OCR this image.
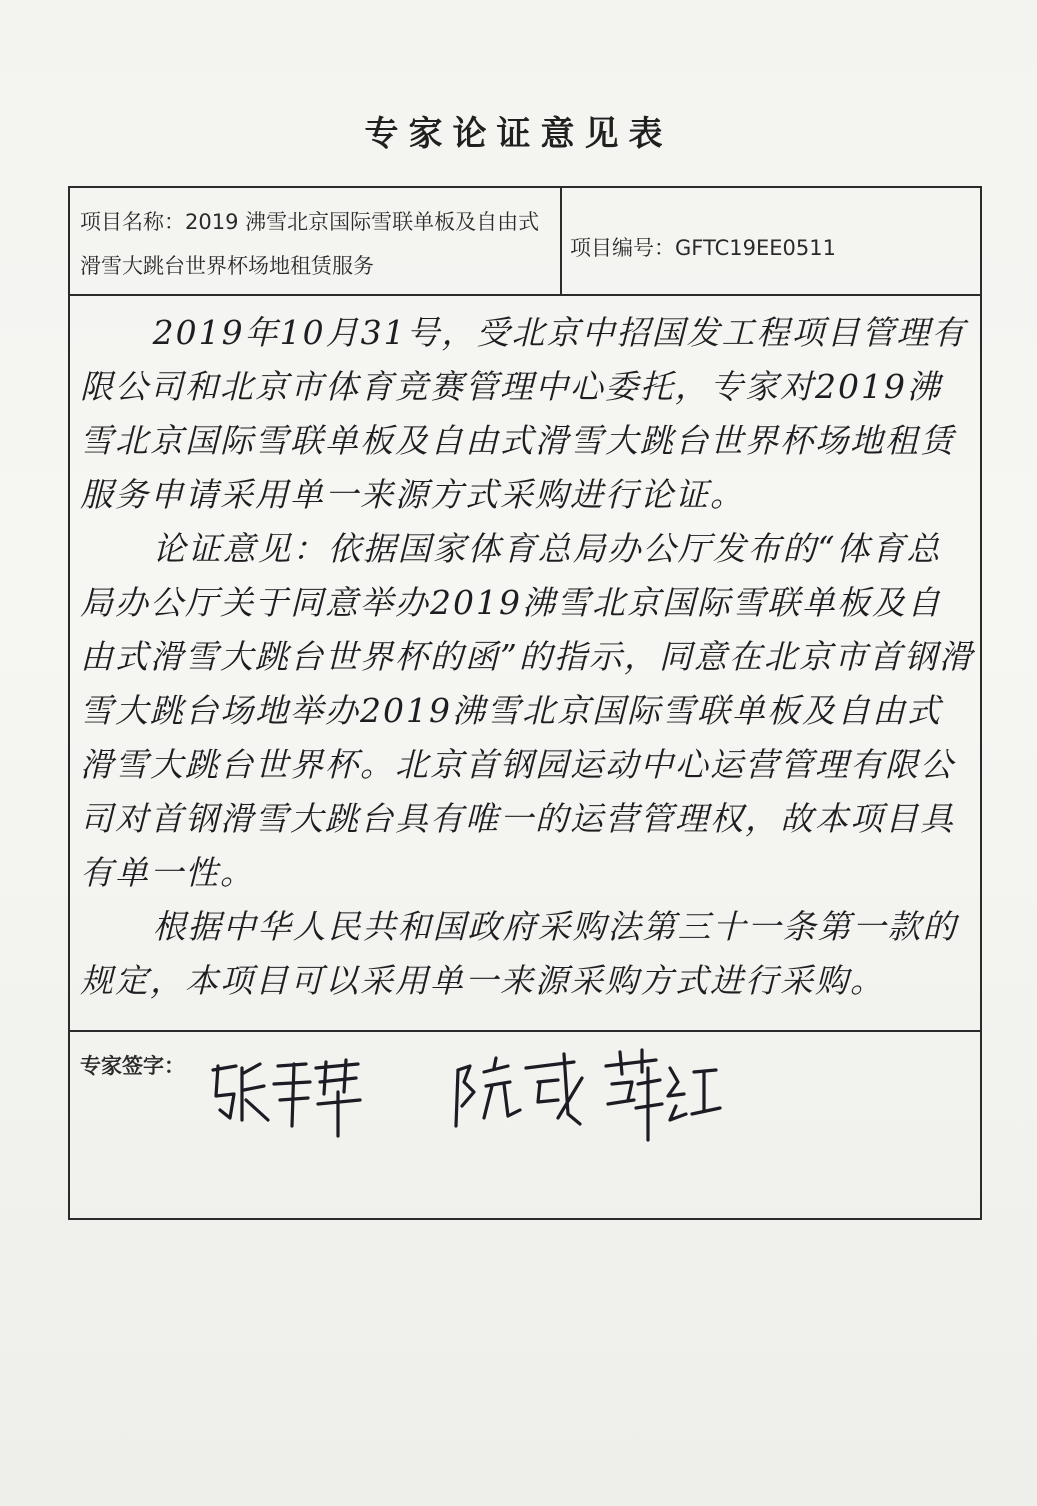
专家论证意见表
项目名称：2019 沸雪北京国际雪联单板及自由式滑雪大跳台世界杯场地租赁服务
项目编号：GFTC19EE0511

2019年10月31号，受北京中招国发工程项目管理有限公司和北京市体育竞赛管理中心委托，专家对2019沸雪北京国际雪联单板及自由式滑雪大跳台世界杯场地租赁服务申请采用单一来源方式采购进行论证。

论证意见：依据国家体育总局办公厅发布的“体育总局办公厅关于同意举办2019沸雪北京国际雪联单板及自由式滑雪大跳台世界杯的函”的指示，同意在北京市首钢滑雪大跳台场地举办2019沸雪北京国际雪联单板及自由式滑雪大跳台世界杯。北京首钢园运动中心运营管理有限公司对首钢滑雪大跳台具有唯一的运营管理权，故本项目具有单一性。

根据中华人民共和国政府采购法第三十一条第一款的规定，本项目可以采用单一来源采购方式进行采购。

专家签字：
